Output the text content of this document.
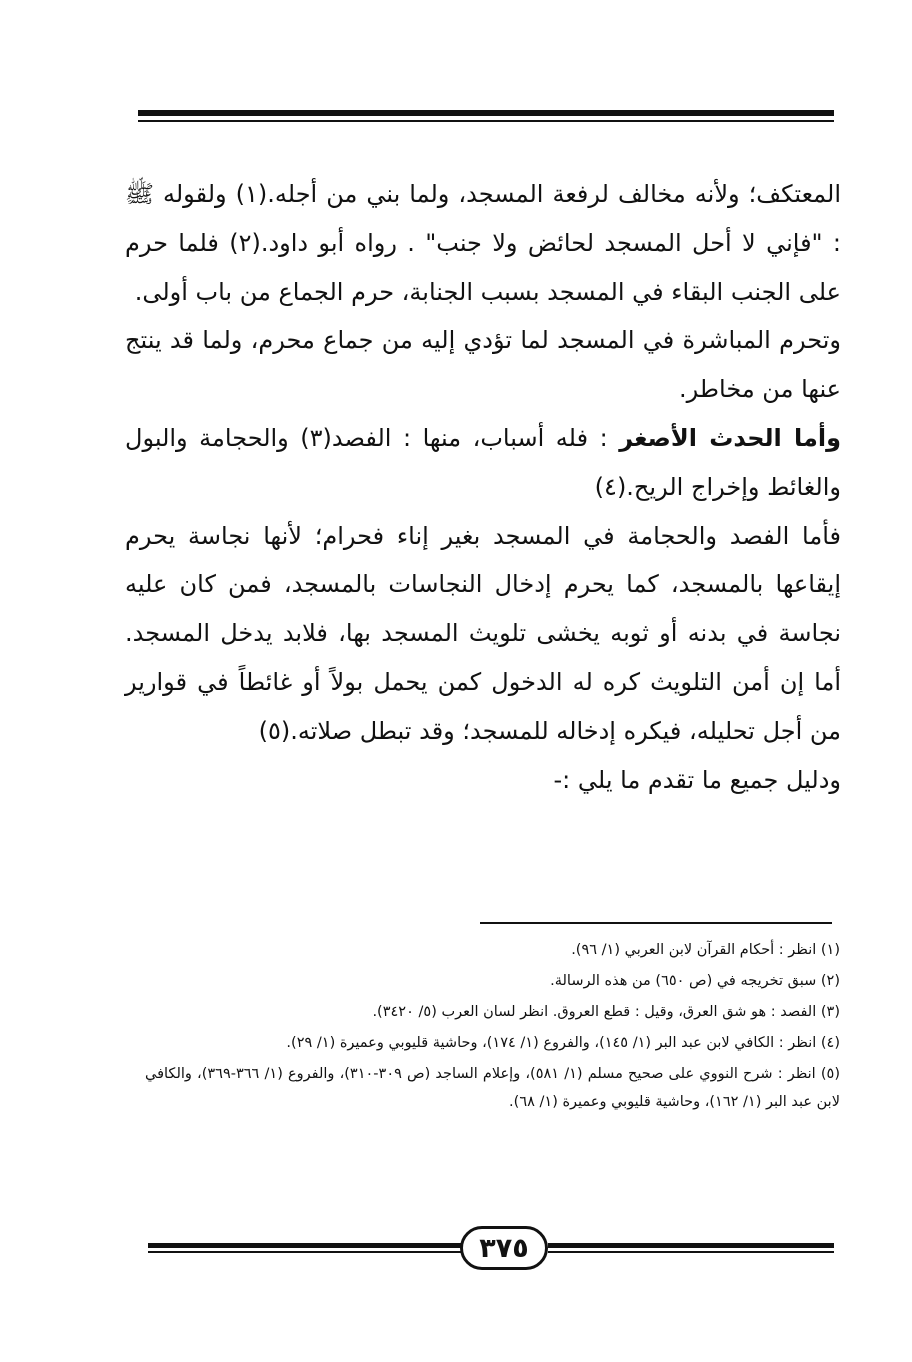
المعتكف؛ ولأنه مخالف لرفعة المسجد، ولما بني من أجله.(١) ولقوله ﷺ : "فإني لا أحل المسجد لحائض ولا جنب" . رواه أبو داود.(٢) فلما حرم على الجنب البقاء في المسجد بسبب الجنابة، حرم الجماع من باب أولى.

وتحرم المباشرة في المسجد لما تؤدي إليه من جماع محرم، ولما قد ينتج عنها من مخاطر.

وأما الحدث الأصغر : فله أسباب، منها : الفصد(٣) والحجامة والبول والغائط وإخراج الريح.(٤)

فأما الفصد والحجامة في المسجد بغير إناء فحرام؛ لأنها نجاسة يحرم إيقاعها بالمسجد، كما يحرم إدخال النجاسات بالمسجد، فمن كان عليه نجاسة في بدنه أو ثوبه يخشى تلويث المسجد بها، فلابد يدخل المسجد. أما إن أمن التلويث كره له الدخول كمن يحمل بولاً أو غائطاً في قوارير من أجل تحليله، فيكره إدخاله للمسجد؛ وقد تبطل صلاته.(٥)

ودليل جميع ما تقدم ما يلي :-

(١) انظر : أحكام القرآن لابن العربي (١/ ٩٦).

(٢) سبق تخريجه في (ص ٦٥٠) من هذه الرسالة.

(٣) الفصد : هو شق العرق، وقيل : قطع العروق. انظر لسان العرب (٥/ ٣٤٢٠).

(٤) انظر : الكافي لابن عبد البر (١/ ١٤٥)، والفروع (١/ ١٧٤)، وحاشية قليوبي وعميرة (١/ ٢٩).

(٥) انظر : شرح النووي على صحيح مسلم (١/ ٥٨١)، وإعلام الساجد (ص ٣٠٩-٣١٠)، والفروع (١/ ٣٦٦-٣٦٩)، والكافي لابن عبد البر (١/ ١٦٢)، وحاشية قليوبي وعميرة (١/ ٦٨).

٣٧٥
